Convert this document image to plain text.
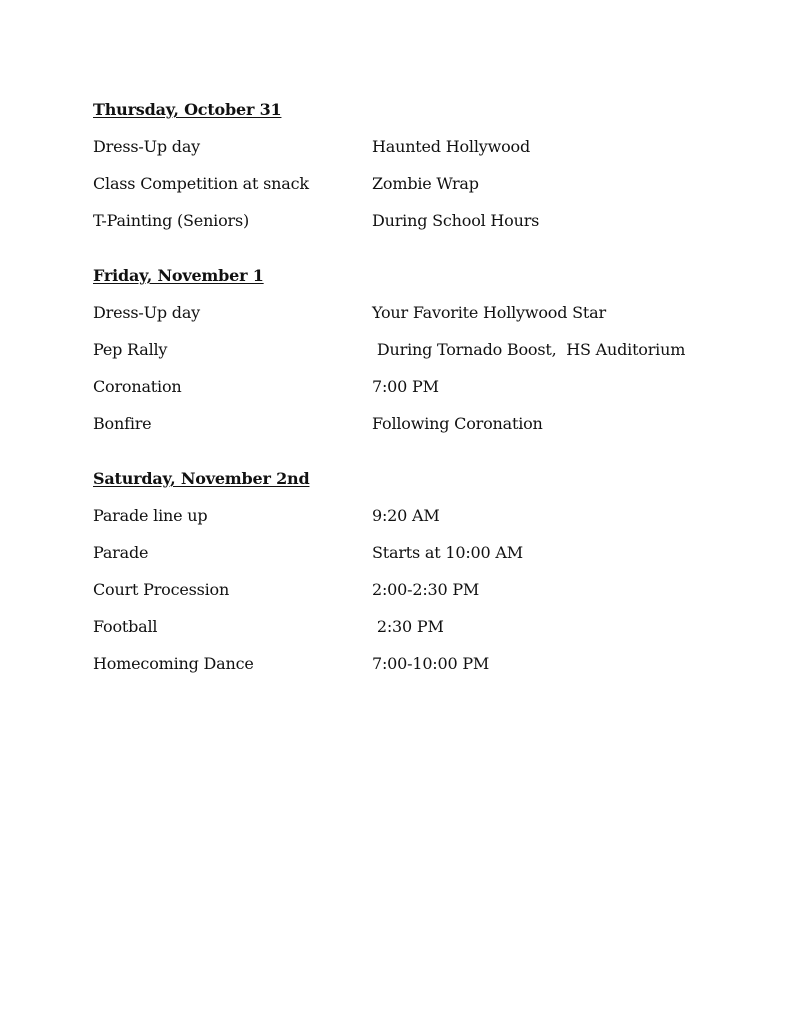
Thursday, October 31
Dress-Up day	Haunted Hollywood
Class Competition at snack	Zombie Wrap
T-Painting (Seniors)	During School Hours
Friday, November 1
Dress-Up day	Your Favorite Hollywood Star
Pep Rally	During Tornado Boost,  HS Auditorium
Coronation	7:00 PM
Bonfire	Following Coronation
Saturday, November 2nd
Parade line up	9:20 AM
Parade	Starts at 10:00 AM
Court Procession	2:00-2:30 PM
Football	2:30 PM
Homecoming Dance	7:00-10:00 PM
